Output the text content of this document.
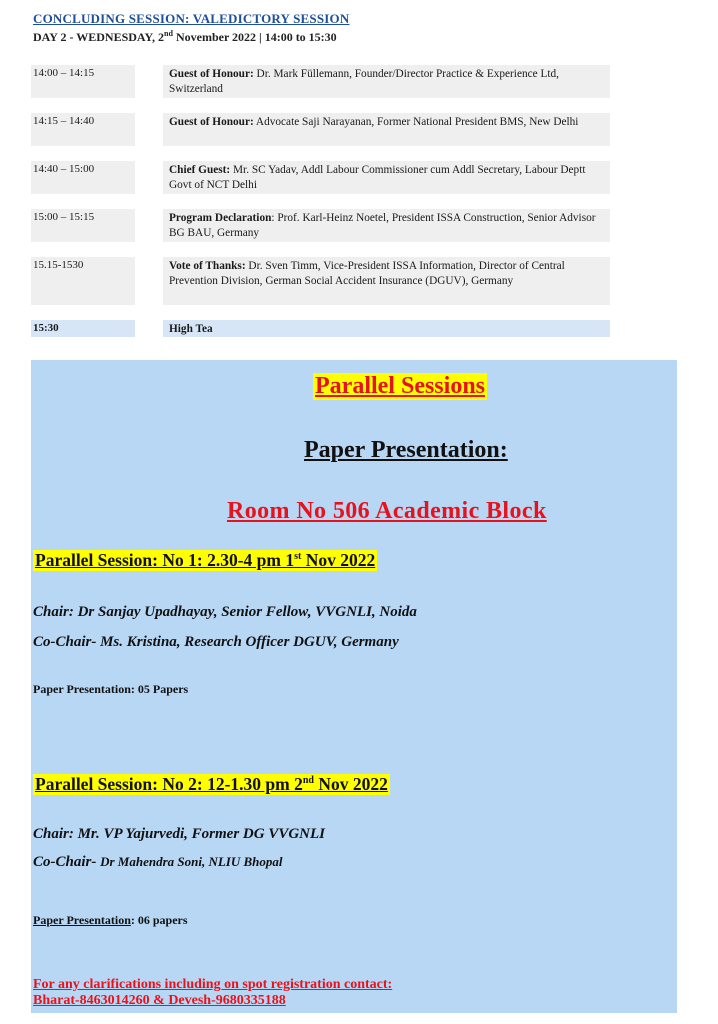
CONCLUDING SESSION: VALEDICTORY SESSION
DAY 2 - WEDNESDAY, 2nd November 2022 | 14:00 to 15:30
14:00 – 14:15	Guest of Honour: Dr. Mark Füllemann, Founder/Director Practice & Experience Ltd, Switzerland
14:15 – 14:40	Guest of Honour: Advocate Saji Narayanan, Former National President BMS, New Delhi
14:40 – 15:00	Chief Guest: Mr. SC Yadav, Addl Labour Commissioner cum Addl Secretary, Labour Deptt Govt of NCT Delhi
15:00 – 15:15	Program Declaration: Prof. Karl-Heinz Noetel, President ISSA Construction, Senior Advisor BG BAU, Germany
15.15-1530	Vote of Thanks: Dr. Sven Timm, Vice-President ISSA Information, Director of Central Prevention Division, German Social Accident Insurance (DGUV), Germany
15:30	High Tea
Parallel Sessions
Paper Presentation:
Room No 506 Academic Block
Parallel Session: No 1: 2.30-4 pm 1st Nov 2022
Chair: Dr Sanjay Upadhayay, Senior Fellow, VVGNLI, Noida
Co-Chair- Ms. Kristina, Research Officer DGUV, Germany
Paper Presentation: 05 Papers
Parallel Session: No 2: 12-1.30 pm 2nd Nov 2022
Chair: Mr. VP Yajurvedi, Former DG VVGNLI
Co-Chair- Dr Mahendra Soni, NLIU Bhopal
Paper Presentation: 06 papers
For any clarifications including on spot registration contact:
Bharat-8463014260 & Devesh-9680335188
